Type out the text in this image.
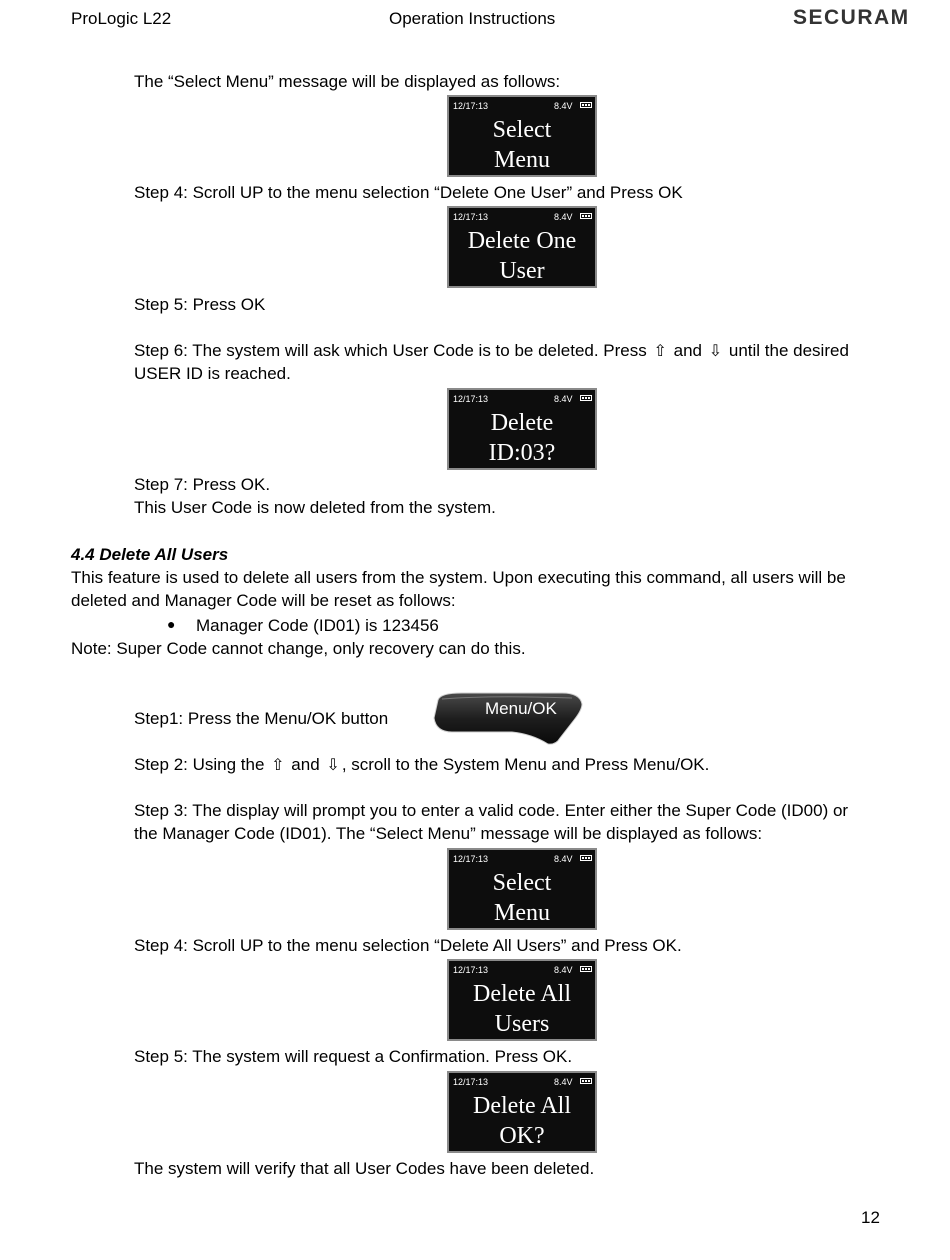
ProLogic L22	Operation Instructions	SECURAM
The “Select Menu” message will be displayed as follows:
12/17:13	8.4V
Select
Menu
Step 4: Scroll UP to the menu selection “Delete One User” and Press OK
12/17:13	8.4V
Delete One
User
Step 5: Press OK
Step 6: The system will ask which User Code is to be deleted. Press ⇧ and ⇩ until the desired
USER ID is reached.
12/17:13	8.4V
Delete
ID:03?
Step 7: Press OK.
This User Code is now deleted from the system.
4.4 Delete All Users
This feature is used to delete all users from the system. Upon executing this command, all users will be
deleted and Manager Code will be reset as follows:
● Manager Code (ID01) is 123456
Note: Super Code cannot change, only recovery can do this.
Step1: Press the Menu/OK button
Menu/OK
Step 2: Using the ⇧ and ⇩ , scroll to the System Menu and Press Menu/OK.
Step 3: The display will prompt you to enter a valid code. Enter either the Super Code (ID00) or
the Manager Code (ID01). The “Select Menu” message will be displayed as follows:
12/17:13	8.4V
Select
Menu
Step 4: Scroll UP to the menu selection “Delete All Users” and Press OK.
12/17:13	8.4V
Delete All
Users
Step 5: The system will request a Confirmation. Press OK.
12/17:13	8.4V
Delete All
OK?
The system will verify that all User Codes have been deleted.
12
